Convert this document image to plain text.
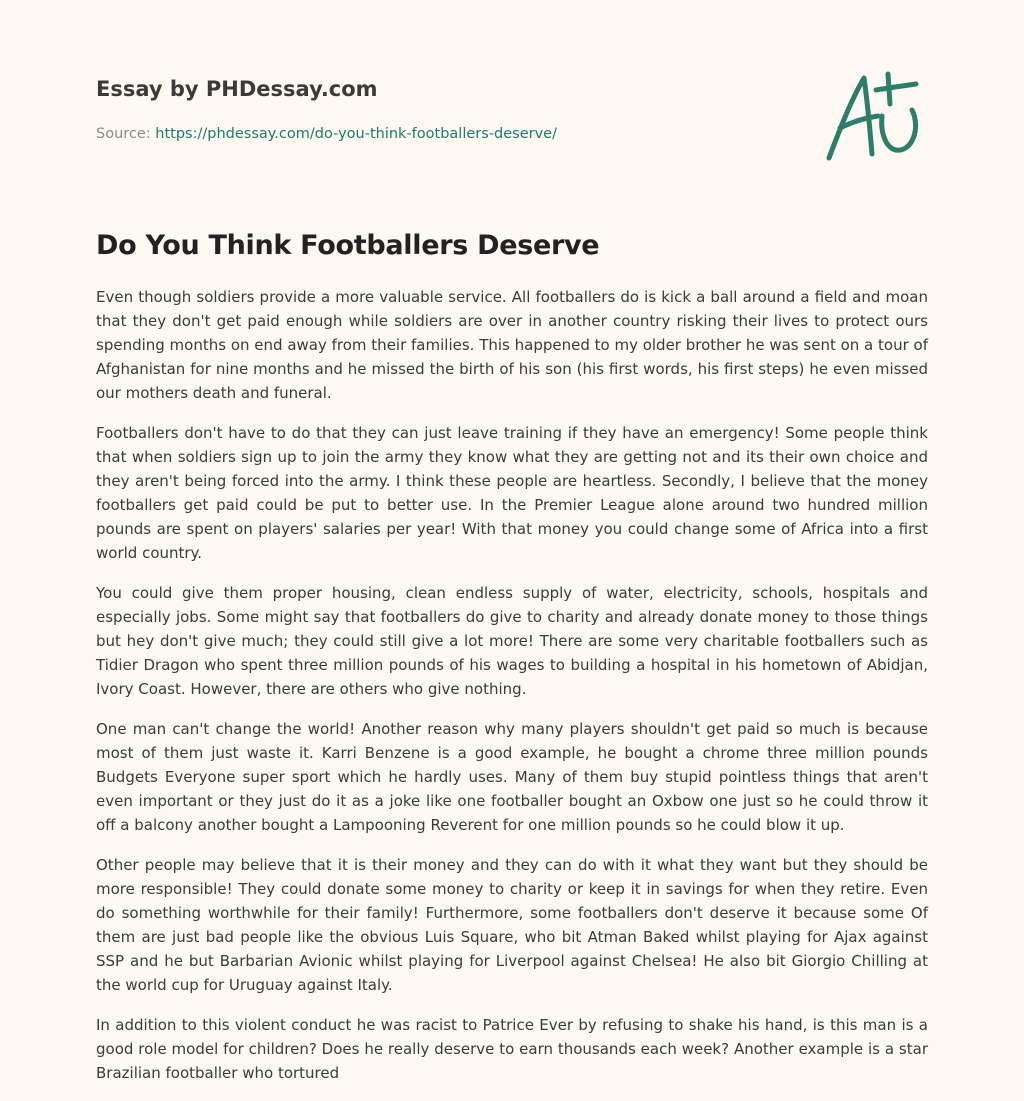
Essay by PHDessay.com
Source: https://phdessay.com/do-you-think-footballers-deserve/
Do You Think Footballers Deserve

Even though soldiers provide a more valuable service. All footballers do is kick a ball around a field and moan that they don't get paid enough while soldiers are over in another country risking their lives to protect ours spending months on end away from their families. This happened to my older brother he was sent on a tour of Afghanistan for nine months and he missed the birth of his son (his first words, his first steps) he even missed our mothers death and funeral.

Footballers don't have to do that they can just leave training if they have an emergency! Some people think that when soldiers sign up to join the army they know what they are getting not and its their own choice and they aren't being forced into the army. I think these people are heartless. Secondly, I believe that the money footballers get paid could be put to better use. In the Premier League alone around two hundred million pounds are spent on players' salaries per year! With that money you could change some of Africa into a first world country.

You could give them proper housing, clean endless supply of water, electricity, schools, hospitals and especially jobs. Some might say that footballers do give to charity and already donate money to those things but hey don't give much; they could still give a lot more! There are some very charitable footballers such as Tidier Dragon who spent three million pounds of his wages to building a hospital in his hometown of Abidjan, Ivory Coast. However, there are others who give nothing.

One man can't change the world! Another reason why many players shouldn't get paid so much is because most of them just waste it. Karri Benzene is a good example, he bought a chrome three million pounds Budgets Everyone super sport which he hardly uses. Many of them buy stupid pointless things that aren't even important or they just do it as a joke like one footballer bought an Oxbow one just so he could throw it off a balcony another bought a Lampooning Reverent for one million pounds so he could blow it up.

Other people may believe that it is their money and they can do with it what they want but they should be more responsible! They could donate some money to charity or keep it in savings for when they retire. Even do something worthwhile for their family! Furthermore, some footballers don't deserve it because some Of them are just bad people like the obvious Luis Square, who bit Atman Baked whilst playing for Ajax against SSP and he but Barbarian Avionic whilst playing for Liverpool against Chelsea! He also bit Giorgio Chilling at the world cup for Uruguay against Italy.

In addition to this violent conduct he was racist to Patrice Ever by refusing to shake his hand, is this man is a good role model for children? Does he really deserve to earn thousands each week? Another example is a star Brazilian footballer who tortured
